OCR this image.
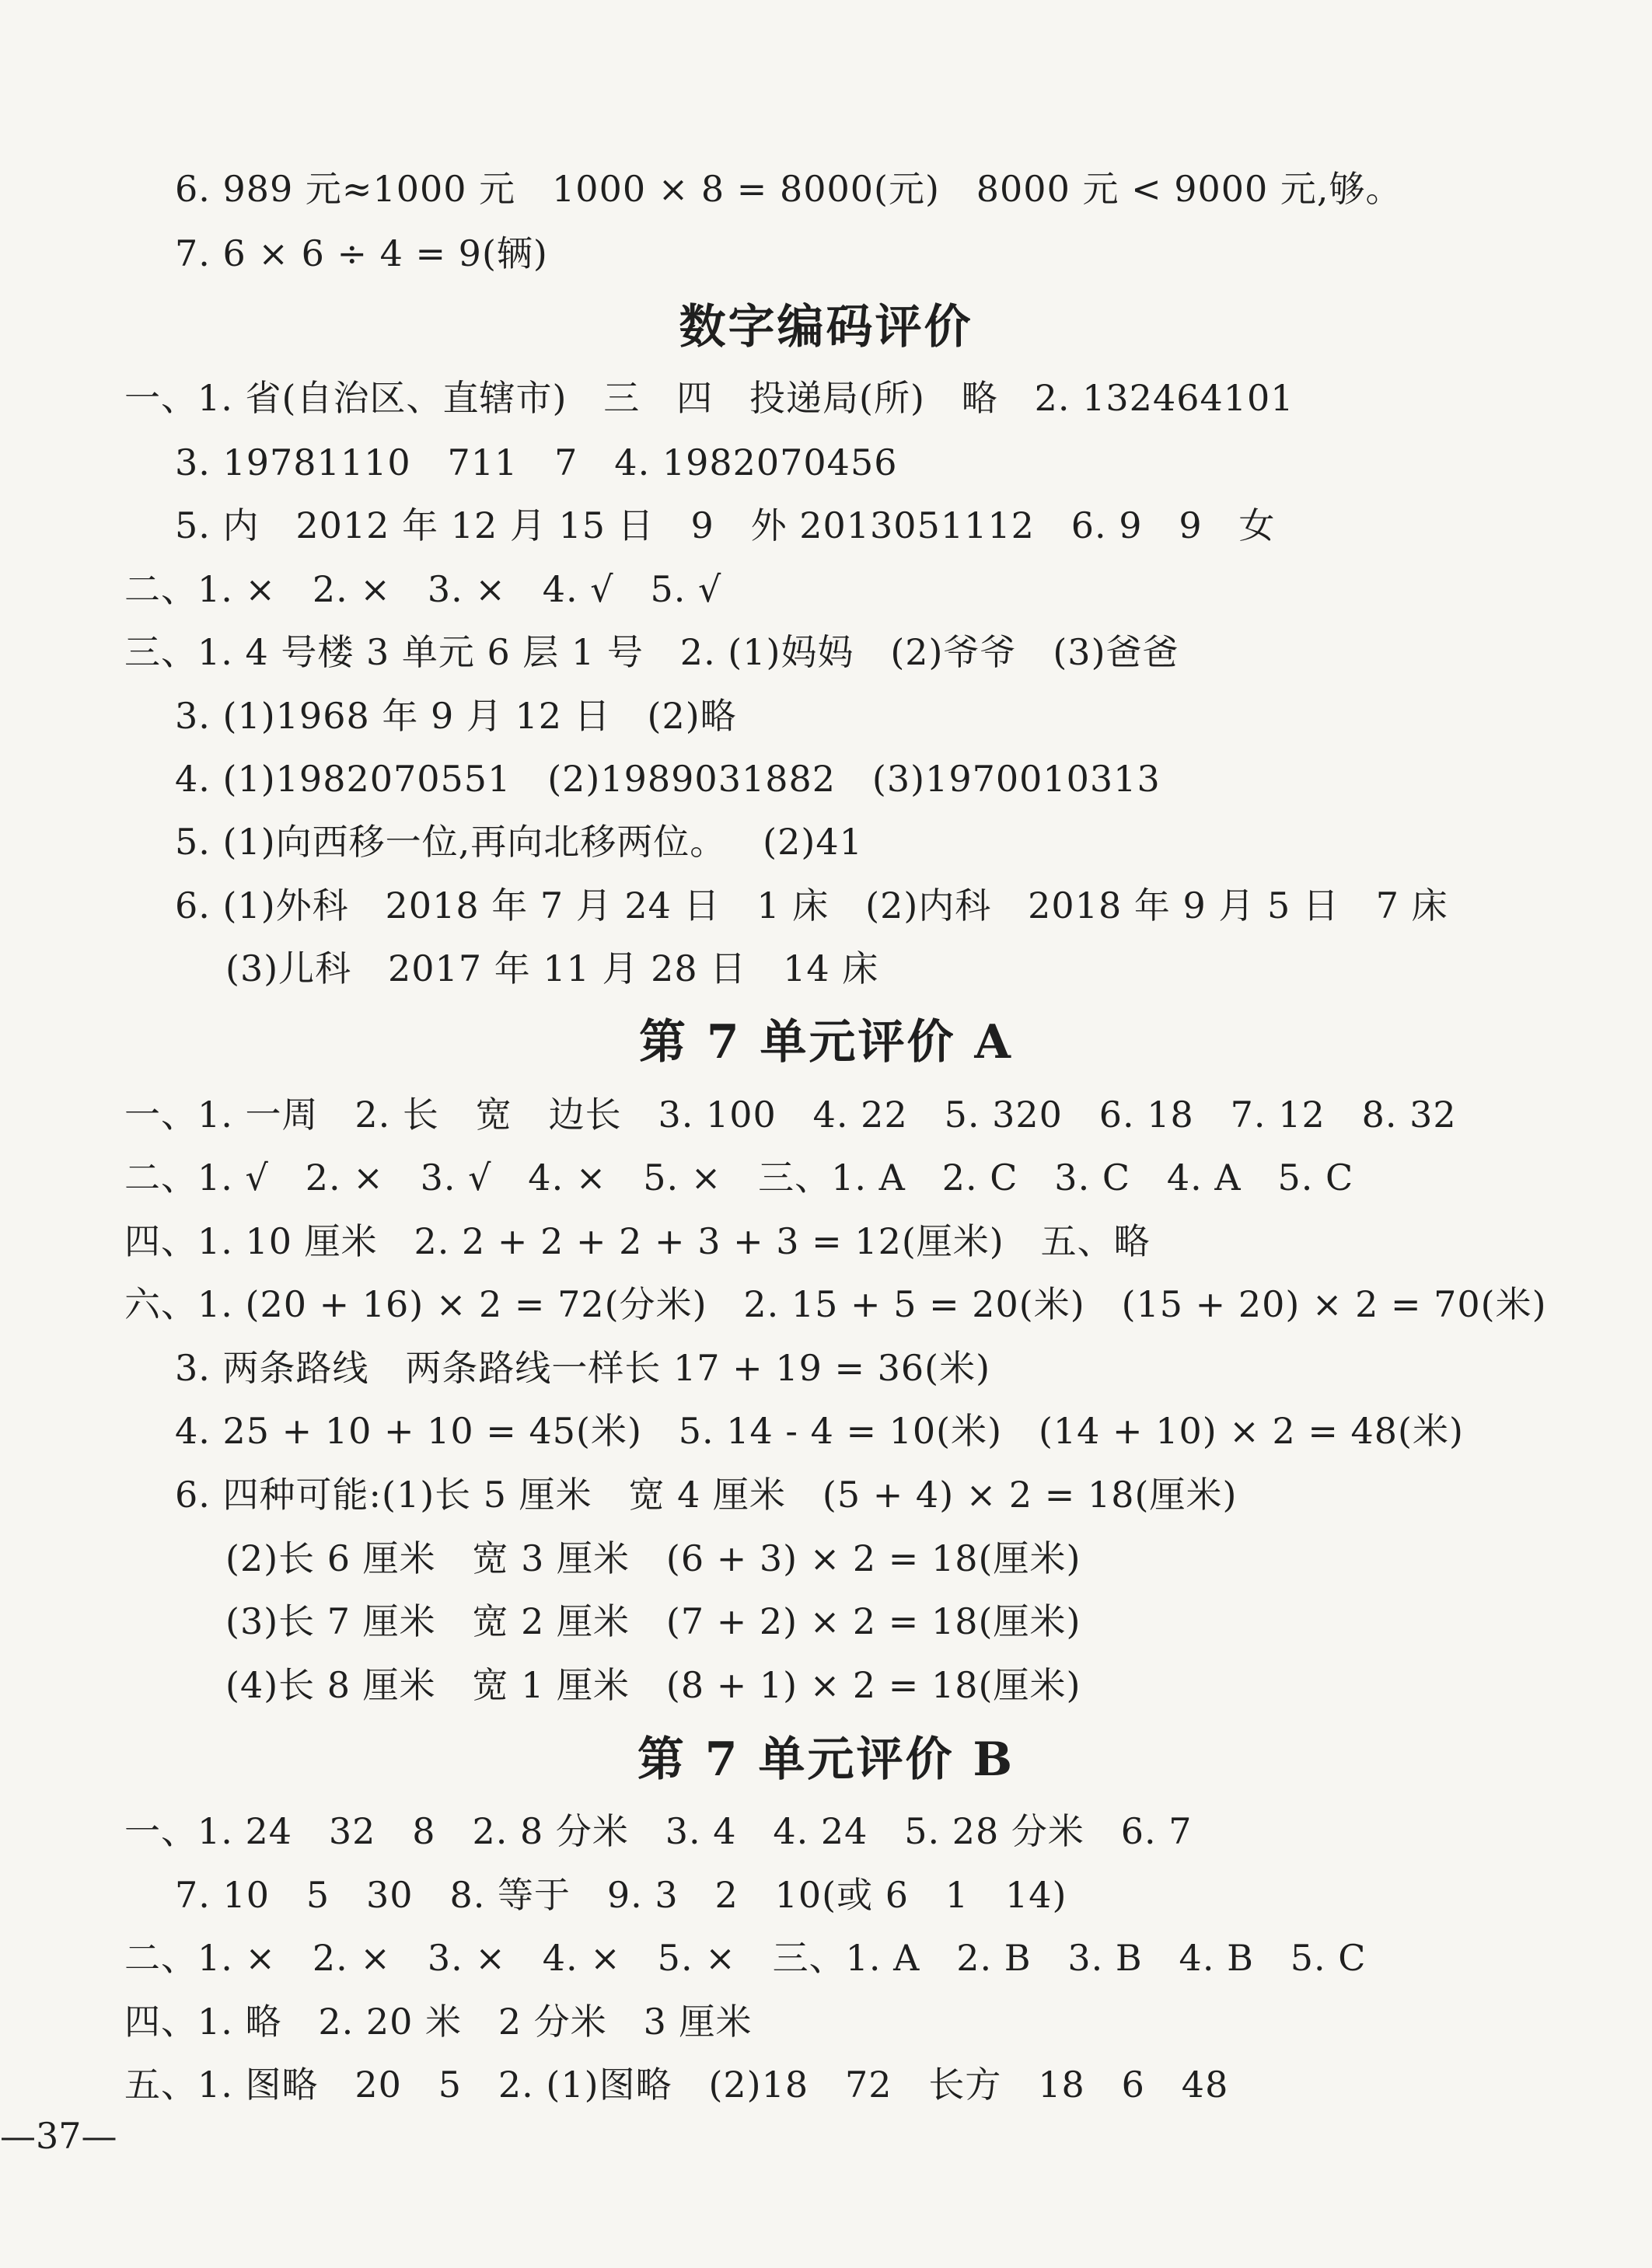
6. 989 元≈1000 元   1000 × 8 = 8000(元)   8000 元 < 9000 元,够。
7. 6 × 6 ÷ 4 = 9(辆)
数字编码评价
一、1. 省(自治区、直辖市)   三   四   投递局(所)   略   2. 132464101
3. 19781110   711   7   4. 1982070456
5. 内   2012 年 12 月 15 日   9   外 2013051112   6. 9   9   女
二、1. ×   2. ×   3. ×   4. √   5. √
三、1. 4 号楼 3 单元 6 层 1 号   2. (1)妈妈   (2)爷爷   (3)爸爸
3. (1)1968 年 9 月 12 日   (2)略
4. (1)1982070551   (2)1989031882   (3)1970010313
5. (1)向西移一位,再向北移两位。   (2)41
6. (1)外科   2018 年 7 月 24 日   1 床   (2)内科   2018 年 9 月 5 日   7 床
(3)儿科   2017 年 11 月 28 日   14 床
第 7 单元评价 A
一、1. 一周   2. 长   宽   边长   3. 100   4. 22   5. 320   6. 18   7. 12   8. 32
二、1. √   2. ×   3. √   4. ×   5. ×   三、1. A   2. C   3. C   4. A   5. C
四、1. 10 厘米   2. 2 + 2 + 2 + 3 + 3 = 12(厘米)   五、略
六、1. (20 + 16) × 2 = 72(分米)   2. 15 + 5 = 20(米)   (15 + 20) × 2 = 70(米)
3. 两条路线   两条路线一样长 17 + 19 = 36(米)
4. 25 + 10 + 10 = 45(米)   5. 14 - 4 = 10(米)   (14 + 10) × 2 = 48(米)
6. 四种可能:(1)长 5 厘米   宽 4 厘米   (5 + 4) × 2 = 18(厘米)
(2)长 6 厘米   宽 3 厘米   (6 + 3) × 2 = 18(厘米)
(3)长 7 厘米   宽 2 厘米   (7 + 2) × 2 = 18(厘米)
(4)长 8 厘米   宽 1 厘米   (8 + 1) × 2 = 18(厘米)
第 7 单元评价 B
一、1. 24   32   8   2. 8 分米   3. 4   4. 24   5. 28 分米   6. 7
7. 10   5   30   8. 等于   9. 3   2   10(或 6   1   14)
二、1. ×   2. ×   3. ×   4. ×   5. ×   三、1. A   2. B   3. B   4. B   5. C
四、1. 略   2. 20 米   2 分米   3 厘米
五、1. 图略   20   5   2. (1)图略   (2)18   72   长方   18   6   48
—37—
